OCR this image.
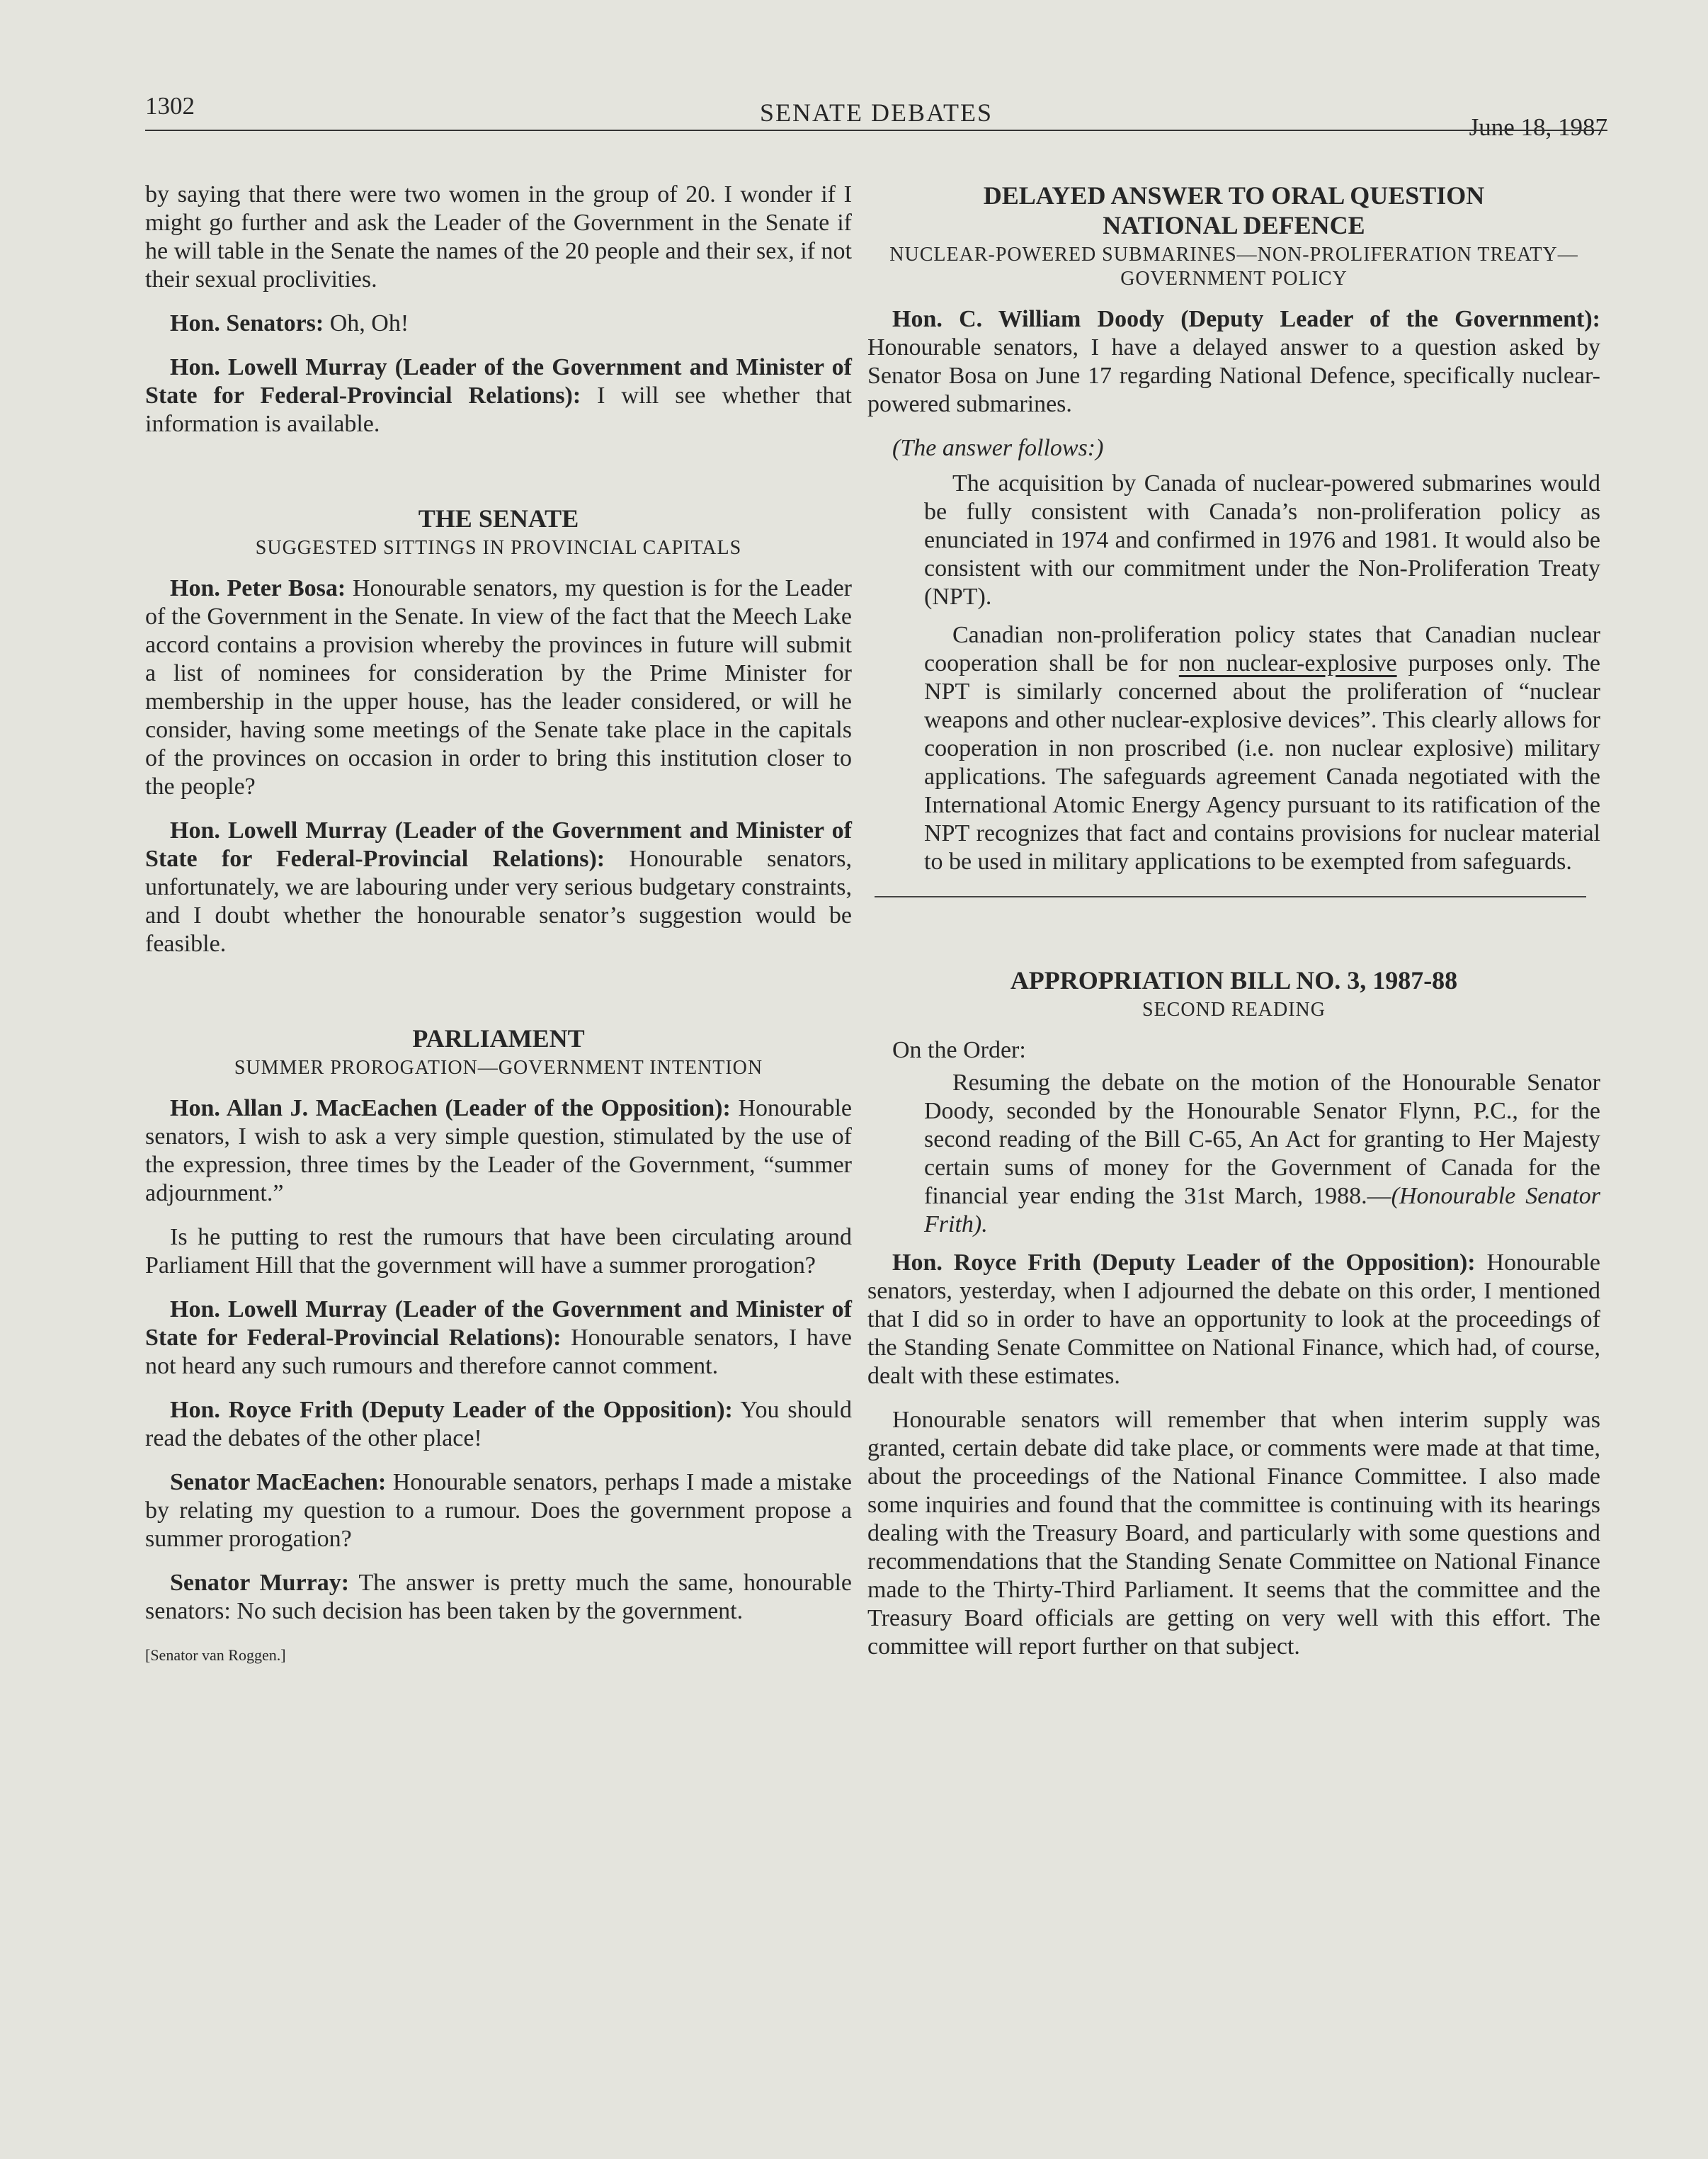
1302	SENATE DEBATES
June 18, 1987

by saying that there were two women in the group of 20. I wonder if I might go further and ask the Leader of the Government in the Senate if he will table in the Senate the names of the 20 people and their sex, if not their sexual proclivities.

Hon. Senators: Oh, Oh!

Hon. Lowell Murray (Leader of the Government and Minister of State for Federal-Provincial Relations): I will see whether that information is available.

THE SENATE
SUGGESTED SITTINGS IN PROVINCIAL CAPITALS

Hon. Peter Bosa: Honourable senators, my question is for the Leader of the Government in the Senate. In view of the fact that the Meech Lake accord contains a provision whereby the provinces in future will submit a list of nominees for consideration by the Prime Minister for membership in the upper house, has the leader considered, or will he consider, having some meetings of the Senate take place in the capitals of the provinces on occasion in order to bring this institution closer to the people?

Hon. Lowell Murray (Leader of the Government and Minister of State for Federal-Provincial Relations): Honourable senators, unfortunately, we are labouring under very serious budgetary constraints, and I doubt whether the honourable senator’s suggestion would be feasible.

PARLIAMENT
SUMMER PROROGATION—GOVERNMENT INTENTION

Hon. Allan J. MacEachen (Leader of the Opposition): Honourable senators, I wish to ask a very simple question, stimulated by the use of the expression, three times by the Leader of the Government, “summer adjournment.”

Is he putting to rest the rumours that have been circulating around Parliament Hill that the government will have a summer prorogation?

Hon. Lowell Murray (Leader of the Government and Minister of State for Federal-Provincial Relations): Honourable senators, I have not heard any such rumours and therefore cannot comment.

Hon. Royce Frith (Deputy Leader of the Opposition): You should read the debates of the other place!

Senator MacEachen: Honourable senators, perhaps I made a mistake by relating my question to a rumour. Does the government propose a summer prorogation?

Senator Murray: The answer is pretty much the same, honourable senators: No such decision has been taken by the government.

[Senator van Roggen.]
DELAYED ANSWER TO ORAL QUESTION
NATIONAL DEFENCE
NUCLEAR-POWERED SUBMARINES—NON-PROLIFERATION TREATY—GOVERNMENT POLICY

Hon. C. William Doody (Deputy Leader of the Government): Honourable senators, I have a delayed answer to a question asked by Senator Bosa on June 17 regarding National Defence, specifically nuclear-powered submarines.

(The answer follows:)

The acquisition by Canada of nuclear-powered submarines would be fully consistent with Canada’s non-proliferation policy as enunciated in 1974 and confirmed in 1976 and 1981. It would also be consistent with our commitment under the Non-Proliferation Treaty (NPT).

Canadian non-proliferation policy states that Canadian nuclear cooperation shall be for non nuclear-explosive purposes only. The NPT is similarly concerned about the proliferation of “nuclear weapons and other nuclear-explosive devices”. This clearly allows for cooperation in non proscribed (i.e. non nuclear explosive) military applications. The safeguards agreement Canada negotiated with the International Atomic Energy Agency pursuant to its ratification of the NPT recognizes that fact and contains provisions for nuclear material to be used in military applications to be exempted from safeguards.

APPROPRIATION BILL NO. 3, 1987-88
SECOND READING

On the Order:

Resuming the debate on the motion of the Honourable Senator Doody, seconded by the Honourable Senator Flynn, P.C., for the second reading of the Bill C-65, An Act for granting to Her Majesty certain sums of money for the Government of Canada for the financial year ending the 31st March, 1988.—(Honourable Senator Frith).

Hon. Royce Frith (Deputy Leader of the Opposition): Honourable senators, yesterday, when I adjourned the debate on this order, I mentioned that I did so in order to have an opportunity to look at the proceedings of the Standing Senate Committee on National Finance, which had, of course, dealt with these estimates.

Honourable senators will remember that when interim supply was granted, certain debate did take place, or comments were made at that time, about the proceedings of the National Finance Committee. I also made some inquiries and found that the committee is continuing with its hearings dealing with the Treasury Board, and particularly with some questions and recommendations that the Standing Senate Committee on National Finance made to the Thirty-Third Parliament. It seems that the committee and the Treasury Board officials are getting on very well with this effort. The committee will report further on that subject.
